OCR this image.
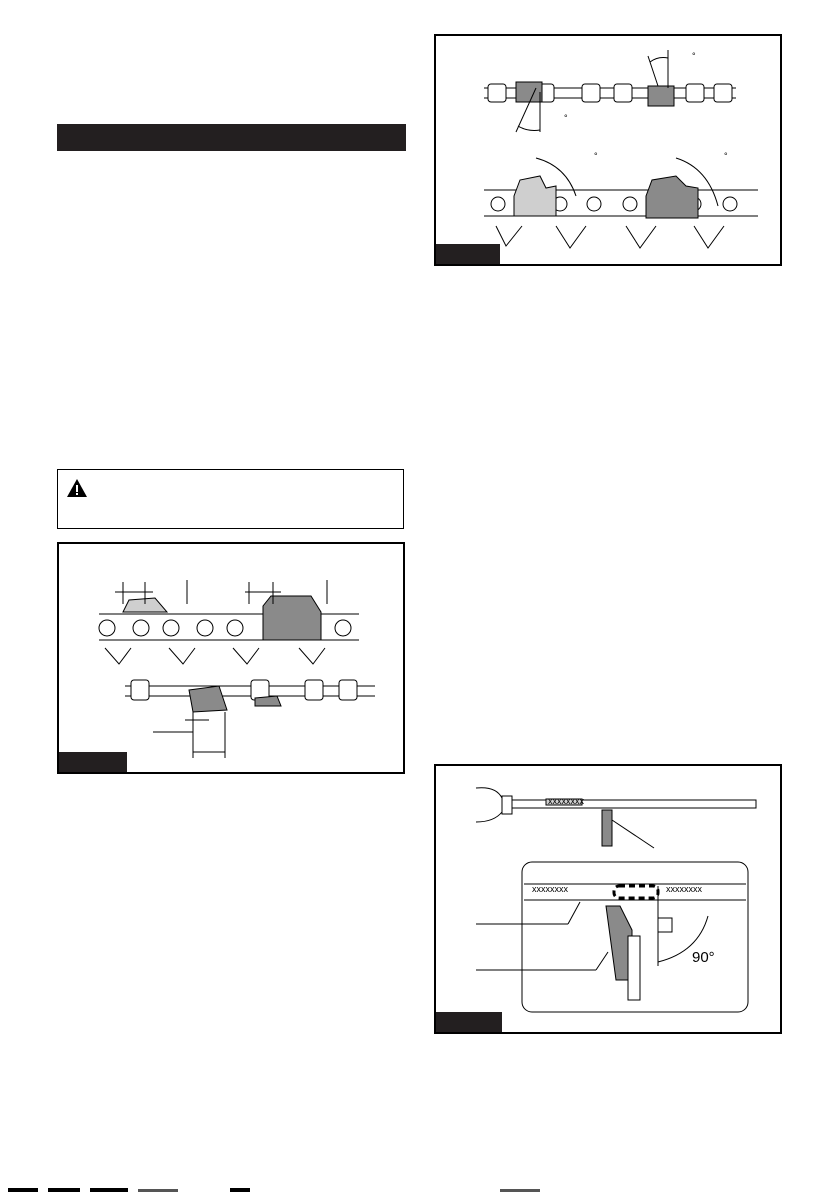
°
°
°	°
xxxxxxxx
xxxxxxxx	xxxxxxxx
90°
